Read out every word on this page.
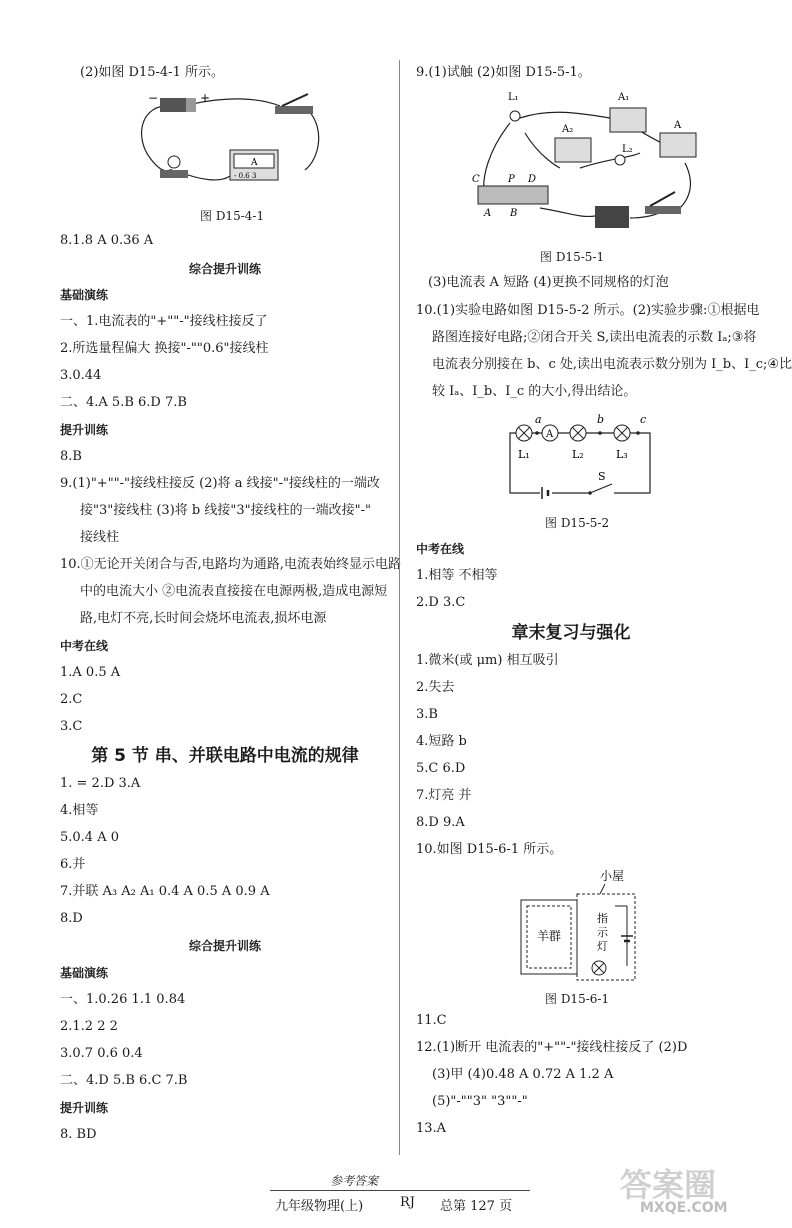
(2)如图 D15-4-1 所示。
−	+
A
- 0.6 3
图 D15-4-1
8.1.8 A 0.36 A
综合提升训练
基础演练
一、1.电流表的"+""-"接线柱接反了
2.所选量程偏大 换接"-""0.6"接线柱
3.0.44
二、4.A 5.B 6.D 7.B
提升训练
8.B
9.(1)"+""-"接线柱接反 (2)将 a 线接"-"接线柱的一端改
接"3"接线柱 (3)将 b 线接"3"接线柱的一端改接"-"
接线柱
10.①无论开关闭合与否,电路均为通路,电流表始终显示电路
中的电流大小 ②电流表直接接在电源两极,造成电源短
路,电灯不亮,长时间会烧坏电流表,损坏电源
中考在线
1.A 0.5 A
2.C
3.C
第 5 节 串、并联电路中电流的规律
1. = 2.D 3.A
4.相等
5.0.4 A 0
6.并
7.并联 A₃ A₂ A₁ 0.4 A 0.5 A 0.9 A
8.D
综合提升训练
基础演练
一、1.0.26 1.1 0.84
2.1.2 2 2
3.0.7 0.6 0.4
二、4.D 5.B 6.C 7.B
提升训练
8. BD
9.(1)试触 (2)如图 D15-5-1。
L₁	A₁
A₂
L₂
A
C	P D
A B
图 D15-5-1
(3)电流表 A 短路 (4)更换不同规格的灯泡
10.(1)实验电路如图 D15-5-2 所示。(2)实验步骤:①根据电
路图连接好电路;②闭合开关 S,读出电流表的示数 Iₐ;③将
电流表分别接在 b、c 处,读出电流表示数分别为 I_b、I_c;④比
较 Iₐ、I_b、I_c 的大小,得出结论。
A
a	b	c
L₁	L₂	L₃
S
图 D15-5-2
中考在线
1.相等 不相等
2.D 3.C
章末复习与强化
1.微米(或 μm) 相互吸引
2.失去
3.B
4.短路 b
5.C 6.D
7.灯亮 并
8.D 9.A
10.如图 D15-6-1 所示。
小屋
羊群
指
示
灯
图 D15-6-1
11.C
12.(1)断开 电流表的"+""-"接线柱接反了 (2)D
(3)甲 (4)0.48 A 0.72 A 1.2 A
(5)"-""3" "3""-"
13.A
参考答案
九年级物理(上)	RJ 总第 127 页
答案圈
MXQE.COM
